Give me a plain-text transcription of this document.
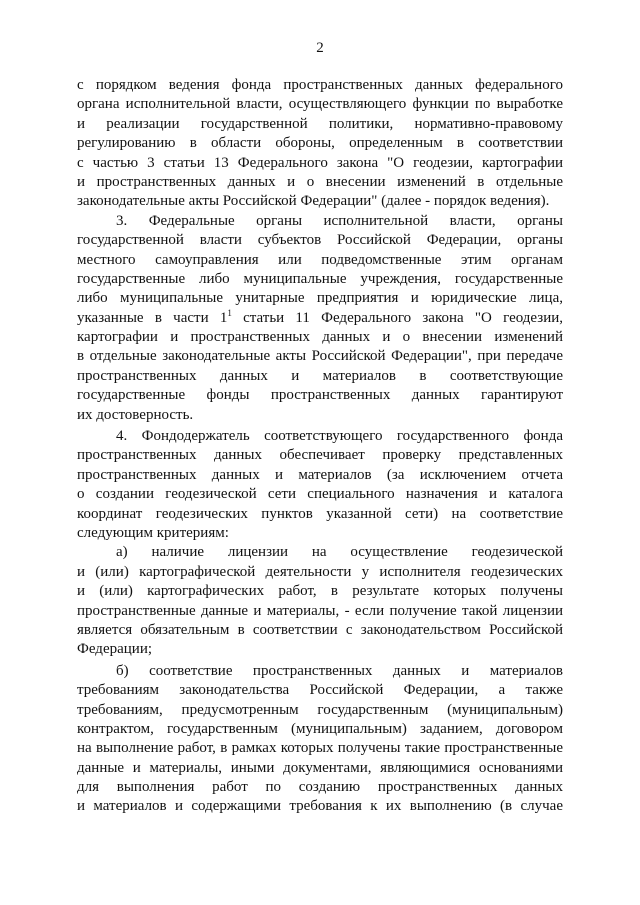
2
с порядком ведения фонда пространственных данных федерального
органа исполнительной власти, осуществляющего функции по выработке
и реализации государственной политики, нормативно-правовому
регулированию в области обороны, определенным в соответствии
с частью 3 статьи 13 Федерального закона "О геодезии, картографии
и пространственных данных и о внесении изменений в отдельные
законодательные акты Российской Федерации" (далее - порядок ведения).
3. Федеральные органы исполнительной власти, органы
государственной власти субъектов Российской Федерации, органы
местного самоуправления или подведомственные этим органам
государственные либо муниципальные учреждения, государственные
либо муниципальные унитарные предприятия и юридические лица,
указанные в части $1^1$ статьи 11 Федерального закона "О геодезии,
картографии и пространственных данных и о внесении изменений
в отдельные законодательные акты Российской Федерации", при передаче
пространственных данных и материалов в соответствующие
государственные фонды пространственных данных гарантируют
их достоверность.
4. Фондодержатель соответствующего государственного фонда
пространственных данных обеспечивает проверку представленных
пространственных данных и материалов (за исключением отчета
о создании геодезической сети специального назначения и каталога
координат геодезических пунктов указанной сети) на соответствие
следующим критериям:
а) наличие лицензии на осуществление геодезической
и (или) картографической деятельности у исполнителя геодезических
и (или) картографических работ, в результате которых получены
пространственные данные и материалы, - если получение такой лицензии
является обязательным в соответствии с законодательством Российской
Федерации;
б) соответствие пространственных данных и материалов
требованиям законодательства Российской Федерации, а также
требованиям, предусмотренным государственным (муниципальным)
контрактом, государственным (муниципальным) заданием, договором
на выполнение работ, в рамках которых получены такие пространственные
данные и материалы, иными документами, являющимися основаниями
для выполнения работ по созданию пространственных данных
и материалов и содержащими требования к их выполнению (в случае
